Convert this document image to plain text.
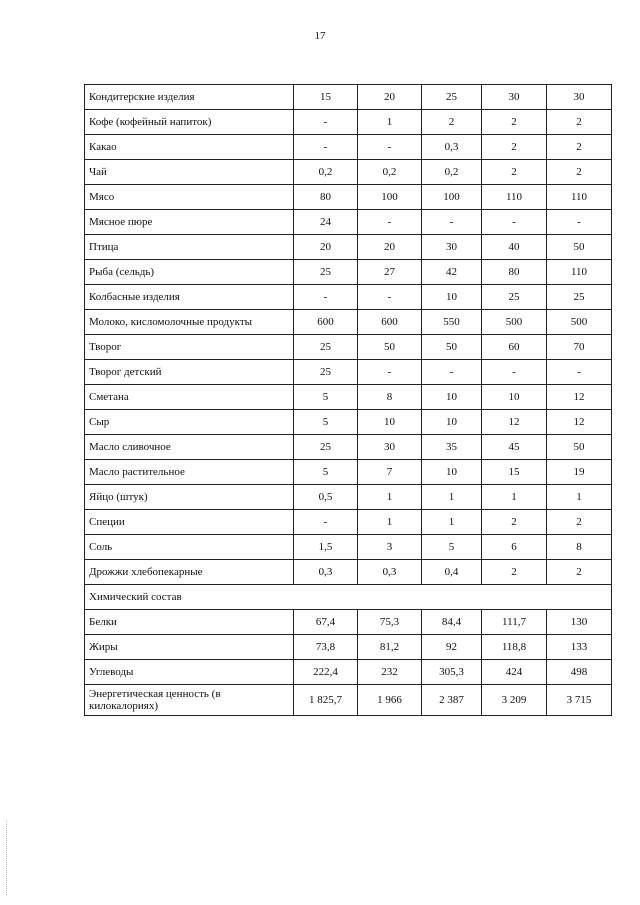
17
Кондитерские изделия	15	20	25	30	30
Кофе (кофейный напиток)	-	1	2	2	2
Какао	-	-	0,3	2	2
Чай	0,2	0,2	0,2	2	2
Мясо	80	100	100	110	110
Мясное пюре	24	-	-	-	-
Птица	20	20	30	40	50
Рыба (сельдь)	25	27	42	80	110
Колбасные изделия	-	-	10	25	25
Молоко, кисломолочные продукты	600	600	550	500	500
Творог	25	50	50	60	70
Творог детский	25	-	-	-	-
Сметана	5	8	10	10	12
Сыр	5	10	10	12	12
Масло сливочное	25	30	35	45	50
Масло растительное	5	7	10	15	19
Яйцо (штук)	0,5	1	1	1	1
Специи	-	1	1	2	2
Соль	1,5	3	5	6	8
Дрожжи хлебопекарные	0,3	0,3	0,4	2	2
Химический состав					
Белки	67,4	75,3	84,4	111,7	130
Жиры	73,8	81,2	92	118,8	133
Углеводы	222,4	232	305,3	424	498
Энергетическая ценность (в килокалориях)	1 825,7	1 966	2 387	3 209	3 715
